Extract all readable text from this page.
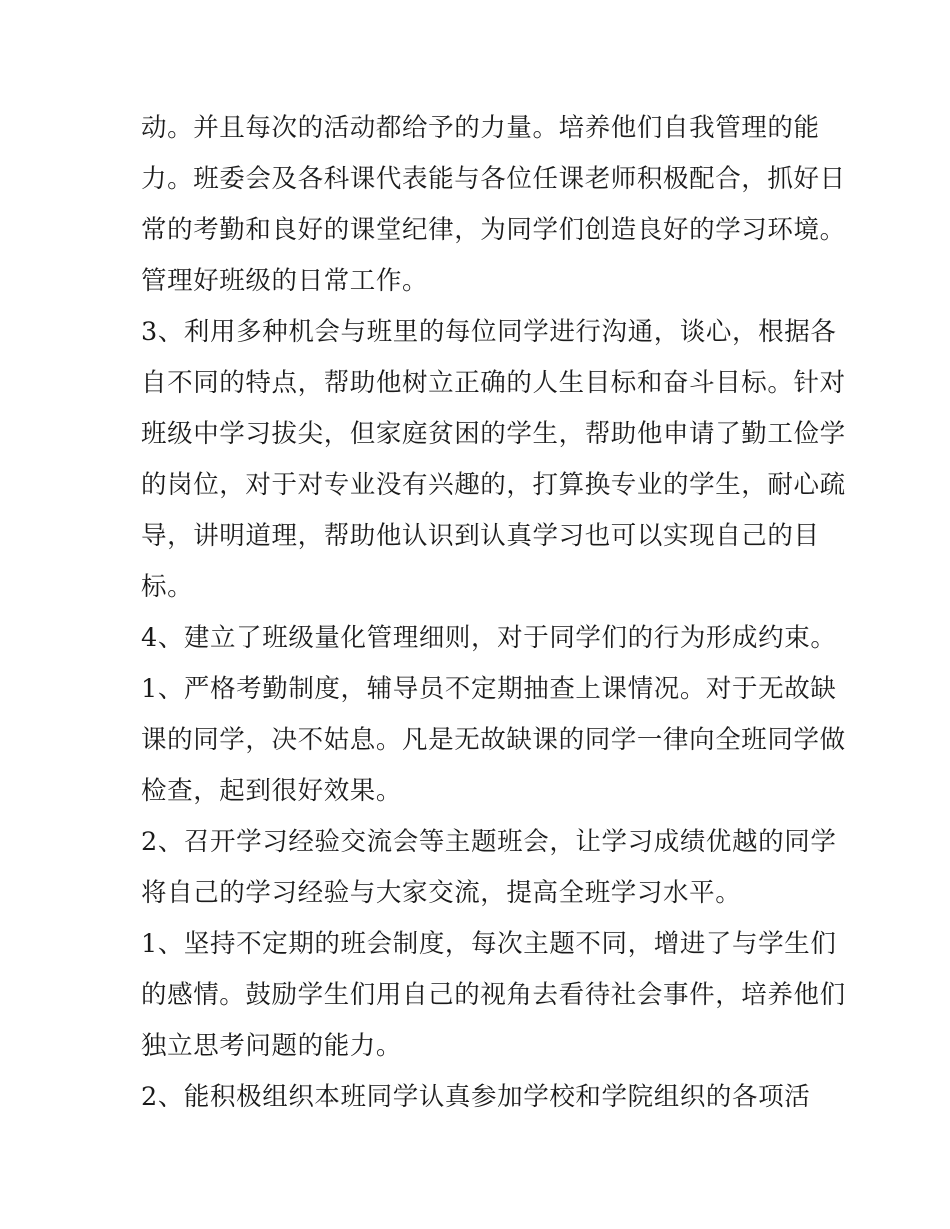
动。并且每次的活动都给予的力量。培养他们自我管理的能
力。班委会及各科课代表能与各位任课老师积极配合，抓好日
常的考勤和良好的课堂纪律，为同学们创造良好的学习环境。
管理好班级的日常工作。
3、利用多种机会与班里的每位同学进行沟通，谈心，根据各
自不同的特点，帮助他树立正确的人生目标和奋斗目标。针对
班级中学习拔尖，但家庭贫困的学生，帮助他申请了勤工俭学
的岗位，对于对专业没有兴趣的，打算换专业的学生，耐心疏
导，讲明道理，帮助他认识到认真学习也可以实现自己的目
标。
4、建立了班级量化管理细则，对于同学们的行为形成约束。
1、严格考勤制度，辅导员不定期抽查上课情况。对于无故缺
课的同学，决不姑息。凡是无故缺课的同学一律向全班同学做
检查，起到很好效果。
2、召开学习经验交流会等主题班会，让学习成绩优越的同学
将自己的学习经验与大家交流，提高全班学习水平。
1、坚持不定期的班会制度，每次主题不同，增进了与学生们
的感情。鼓励学生们用自己的视角去看待社会事件，培养他们
独立思考问题的能力。
2、能积极组织本班同学认真参加学校和学院组织的各项活
